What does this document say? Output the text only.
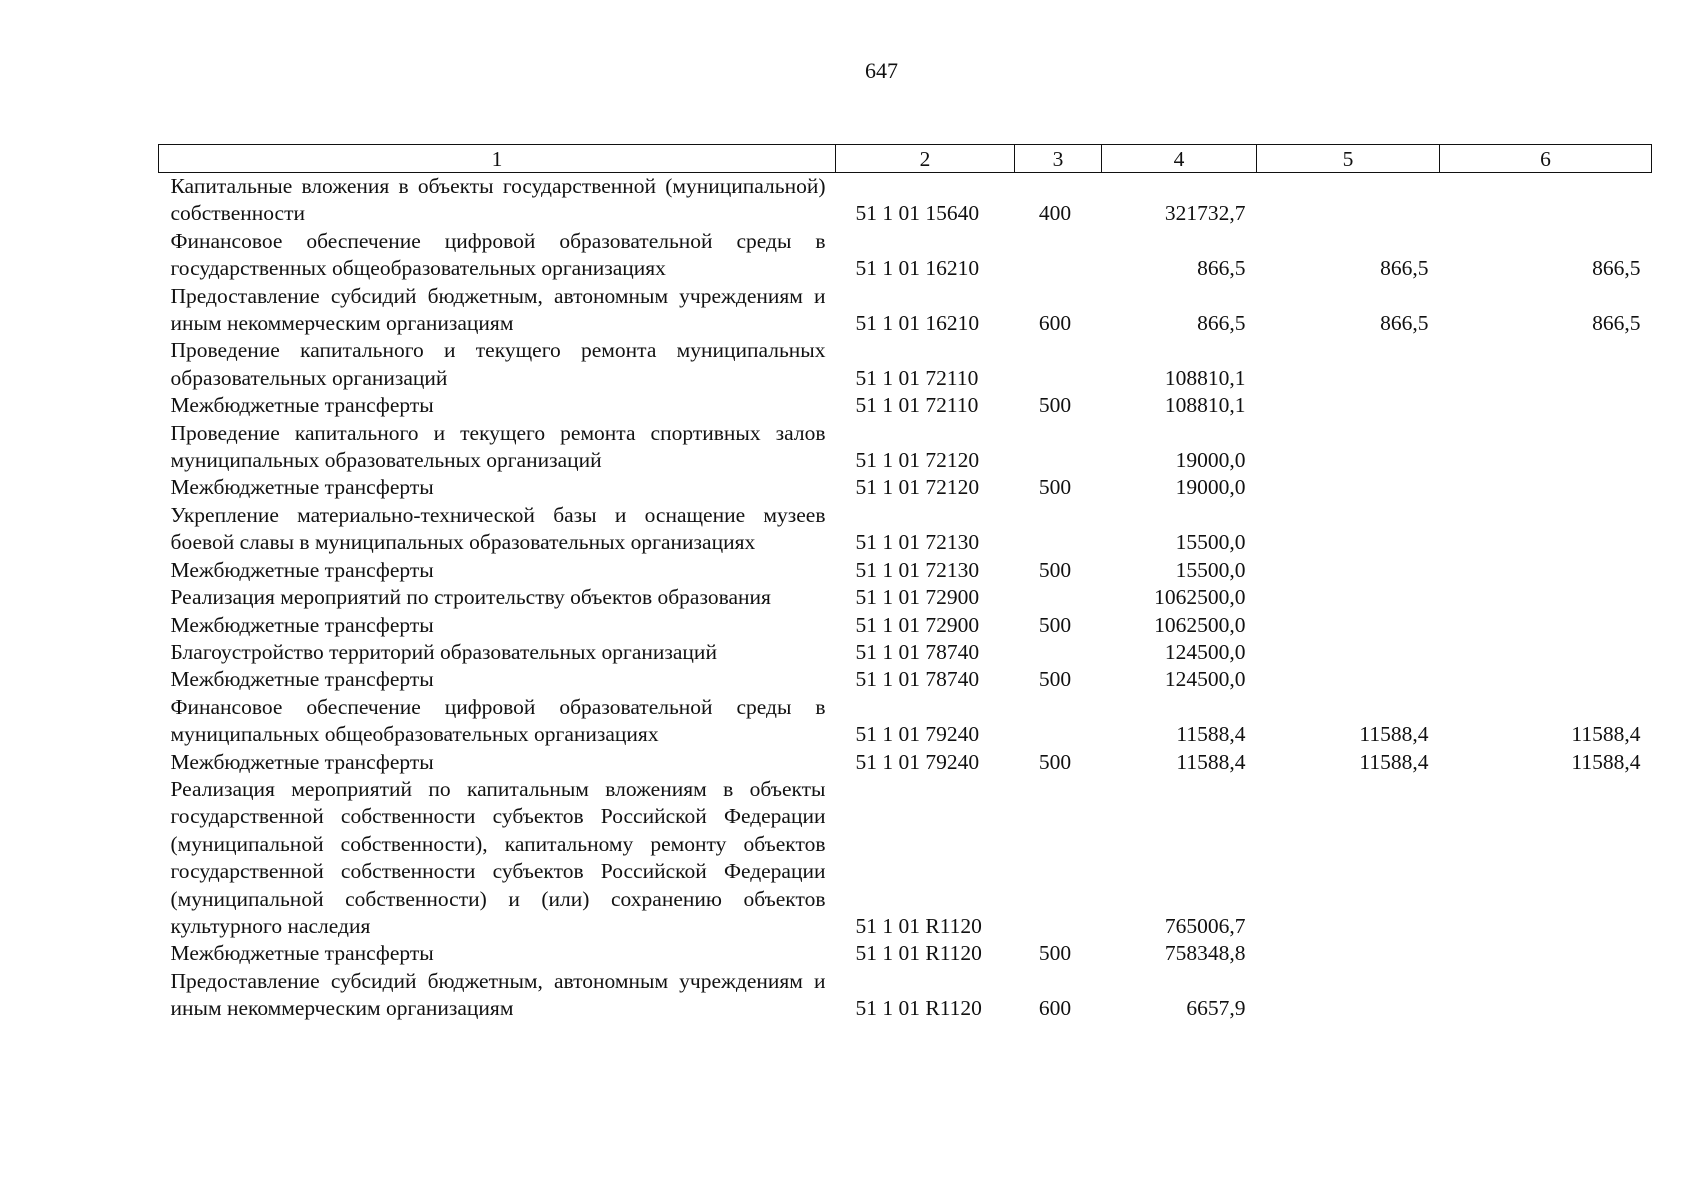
647
1	2	3	4	5	6
Капитальные вложения в объекты государственной (муниципальной) собственности	51 1 01 15640	400	321732,7		
Финансовое обеспечение цифровой образовательной среды в государственных общеобразовательных организациях	51 1 01 16210		866,5	866,5	866,5
Предоставление субсидий бюджетным, автономным учреждениям и иным некоммерческим организациям	51 1 01 16210	600	866,5	866,5	866,5
Проведение капитального и текущего ремонта муниципальных образовательных организаций	51 1 01 72110		108810,1		
Межбюджетные трансферты	51 1 01 72110	500	108810,1		
Проведение капитального и текущего ремонта спортивных залов муниципальных образовательных организаций	51 1 01 72120		19000,0		
Межбюджетные трансферты	51 1 01 72120	500	19000,0		
Укрепление материально-технической базы и оснащение музеев боевой славы в муниципальных образовательных организациях	51 1 01 72130		15500,0		
Межбюджетные трансферты	51 1 01 72130	500	15500,0		
Реализация мероприятий по строительству объектов образования	51 1 01 72900		1062500,0		
Межбюджетные трансферты	51 1 01 72900	500	1062500,0		
Благоустройство территорий образовательных организаций	51 1 01 78740		124500,0		
Межбюджетные трансферты	51 1 01 78740	500	124500,0		
Финансовое обеспечение цифровой образовательной среды в муниципальных общеобразовательных организациях	51 1 01 79240		11588,4	11588,4	11588,4
Межбюджетные трансферты	51 1 01 79240	500	11588,4	11588,4	11588,4
Реализация мероприятий по капитальным вложениям в объекты государственной собственности субъектов Российской Федерации (муниципальной собственности), капитальному ремонту объектов государственной собственности субъектов Российской Федерации (муниципальной собственности) и (или) сохранению объектов культурного наследия	51 1 01 R1120		765006,7		
Межбюджетные трансферты	51 1 01 R1120	500	758348,8		
Предоставление субсидий бюджетным, автономным учреждениям и иным некоммерческим организациям	51 1 01 R1120	600	6657,9		
